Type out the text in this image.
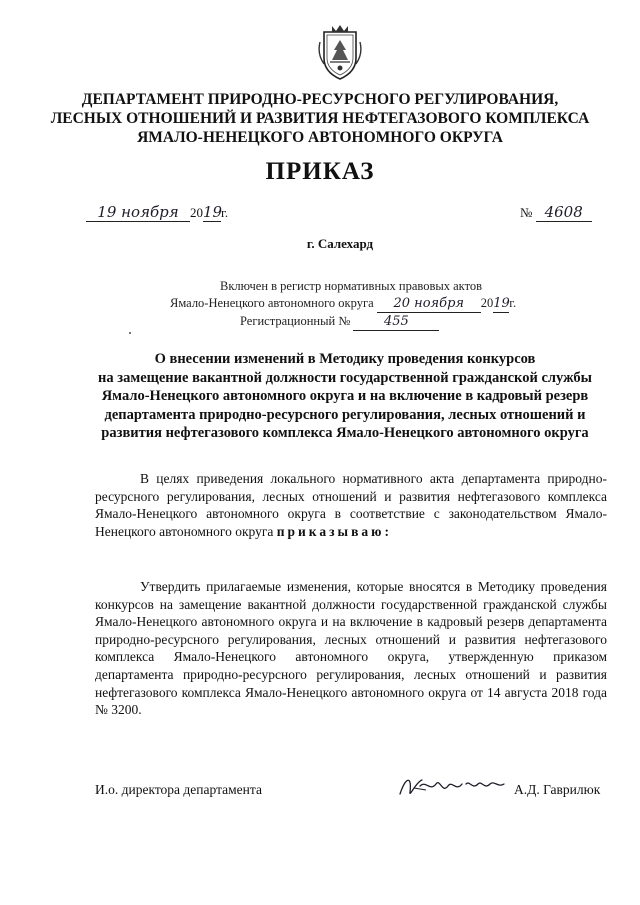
ДЕПАРТАМЕНТ ПРИРОДНО-РЕСУРСНОГО РЕГУЛИРОВАНИЯ,
ЛЕСНЫХ ОТНОШЕНИЙ И РАЗВИТИЯ НЕФТЕГАЗОВОГО КОМПЛЕКСА
ЯМАЛО-НЕНЕЦКОГО АВТОНОМНОГО ОКРУГА
ПРИКАЗ
19 ноября 2019г.	№ 4608
г. Салехард
Включен в регистр нормативных правовых актов
Ямало-Ненецкого автономного округа 20 ноября 2019г.
Регистрационный №	455
О внесении изменений в Методику проведения конкурсов
на замещение вакантной должности государственной гражданской службы
Ямало-Ненецкого автономного округа и на включение в кадровый резерв
департамента природно-ресурсного регулирования, лесных отношений и
развития нефтегазового комплекса Ямало-Ненецкого автономного округа
В целях приведения локального нормативного акта департамента природно-ресурсного регулирования, лесных отношений и развития нефтегазового комплекса Ямало-Ненецкого автономного округа в соответствие с законодательством Ямало-Ненецкого автономного округа приказываю:
Утвердить прилагаемые изменения, которые вносятся в Методику проведения конкурсов на замещение вакантной должности государственной гражданской службы Ямало-Ненецкого автономного округа и на включение в кадровый резерв департамента природно-ресурсного регулирования, лесных отношений и развития нефтегазового комплекса Ямало-Ненецкого автономного округа, утвержденную приказом департамента природно-ресурсного регулирования, лесных отношений и развития нефтегазового комплекса Ямало-Ненецкого автономного округа от 14 августа 2018 года № 3200.
И.о. директора департамента	А.Д. Гаврилюк
